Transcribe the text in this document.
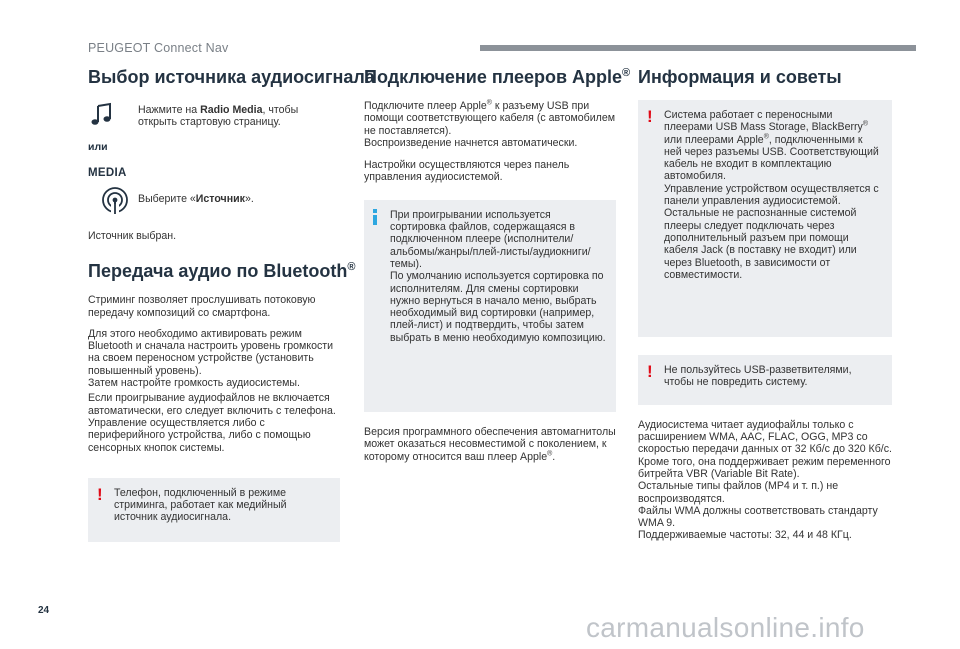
PEUGEOT Connect Nav
Выбор источника аудиосигнала
или
MEDIA

Нажмите на Radio Media, чтобы открыть стартовую страницу.

Выберите «Источник».

Источник выбран.

Передача аудио по Bluetooth®

Стриминг позволяет прослушивать потоковую передачу композиций со смартфона.

Для этого необходимо активировать режим Bluetooth и сначала настроить уровень громкости на своем переносном устройстве (установить повышенный уровень).

Затем настройте громкость аудиосистемы.

Если проигрывание аудиофайлов не включается автоматически, его следует включить с телефона. Управление осуществляется либо с периферийного устройства, либо с помощью сенсорных кнопок системы.

! Телефон, подключенный в режиме стриминга, работает как медийный источник аудиосигнала.

Подключение плееров Apple®

Подключите плеер Apple® к разъему USB при помощи соответствующего кабеля (с автомобилем не поставляется).

Воспроизведение начнется автоматически.

Настройки осуществляются через панель управления аудиосистемой.

При проигрывании используется сортировка файлов, содержащаяся в подключенном плеере (исполнители/альбомы/жанры/плей-листы/аудиокниги/темы).

По умолчанию используется сортировка по исполнителям. Для смены сортировки нужно вернуться в начало меню, выбрать необходимый вид сортировки (например, плей-лист) и подтвердить, чтобы затем выбрать в меню необходимую композицию.

Версия программного обеспечения автомагнитолы может оказаться несовместимой с поколением, к которому относится ваш плеер Apple®.

Информация и советы
! Система работает с переносными плеерами USB Mass Storage, BlackBerry® или плеерами Apple®, подключенными к ней через разъемы USB. Соответствующий кабель не входит в комплектацию автомобиля.

Управление устройством осуществляется с панели управления аудиосистемой.

Остальные не распознанные системой плееры следует подключать через дополнительный разъем при помощи кабеля Jack (в поставку не входит) или через Bluetooth, в зависимости от совместимости.

! Не пользуйтесь USB-разветвителями, чтобы не повредить систему.

Аудиосистема читает аудиофайлы только с расширением WMA, AAC, FLAC, OGG, MP3 со скоростью передачи данных от 32 Кб/с до 320 Кб/с.

Кроме того, она поддерживает режим переменного битрейта VBR (Variable Bit Rate).

Остальные типы файлов (MP4 и т. п.) не воспроизводятся.

Файлы WMA должны соответствовать стандарту WMA 9.

Поддерживаемые частоты: 32, 44 и 48 КГц.

24
carmanualsonline.info
